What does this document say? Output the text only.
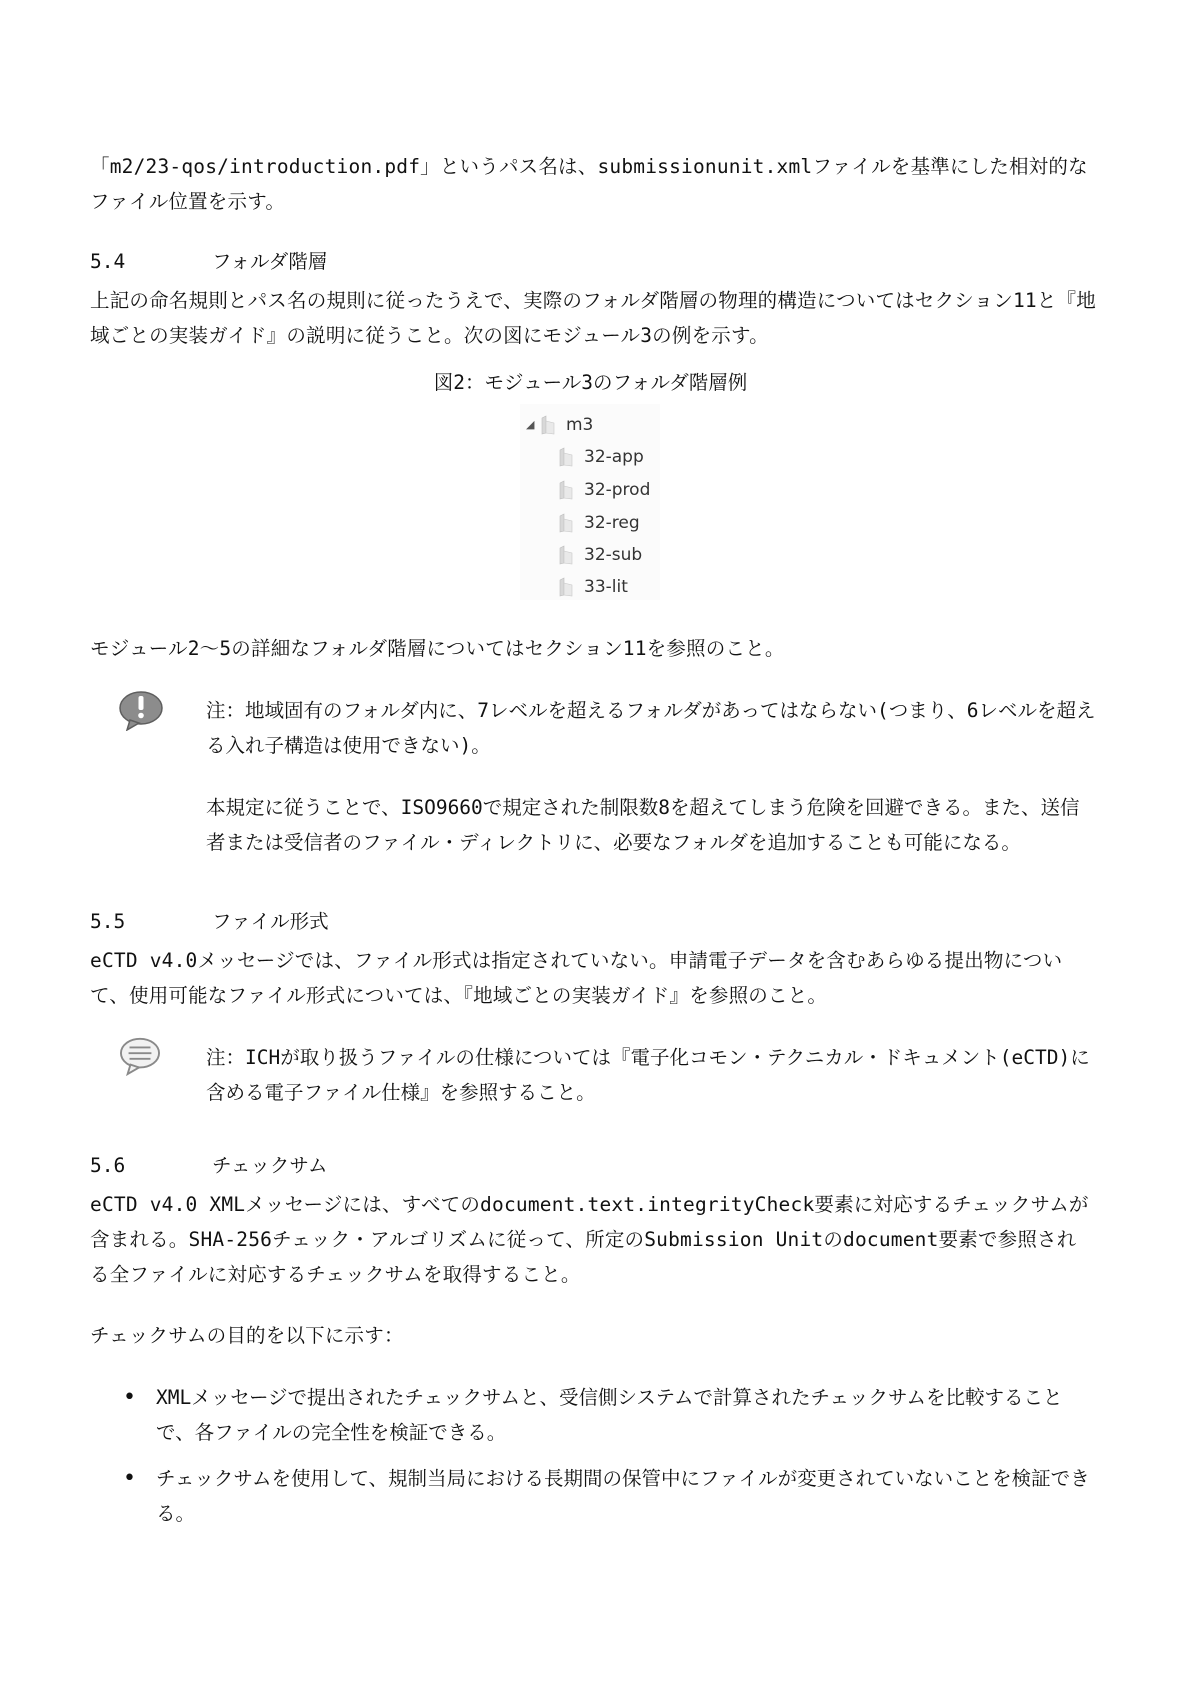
「m2/23-qos/introduction.pdf」というパス名は、submissionunit.xmlファイルを基準にした相対的なファイル位置を示す。

5.4	フォルダ階層

上記の命名規則とパス名の規則に従ったうえで、実際のフォルダ階層の物理的構造についてはセクション11と『地域ごとの実装ガイド』の説明に従うこと。次の図にモジュール3の例を示す。

図2：モジュール3のフォルダ階層例
◢	m3
32-app
32-prod
32-reg
32-sub
33-lit

モジュール2～5の詳細なフォルダ階層についてはセクション11を参照のこと。

注：地域固有のフォルダ内に、7レベルを超えるフォルダがあってはならない(つまり、6レベルを超える入れ子構造は使用できない)。

本規定に従うことで、ISO9660で規定された制限数8を超えてしまう危険を回避できる。また、送信者または受信者のファイル・ディレクトリに、必要なフォルダを追加することも可能になる。

5.5	ファイル形式

eCTD v4.0メッセージでは、ファイル形式は指定されていない。申請電子データを含むあらゆる提出物について、使用可能なファイル形式については、『地域ごとの実装ガイド』を参照のこと。

注：ICHが取り扱うファイルの仕様については『電子化コモン・テクニカル・ドキュメント(eCTD)に含める電子ファイル仕様』を参照すること。

5.6	チェックサム

eCTD v4.0 XMLメッセージには、すべてのdocument.text.integrityCheck要素に対応するチェックサムが含まれる。SHA-256チェック・アルゴリズムに従って、所定のSubmission Unitのdocument要素で参照される全ファイルに対応するチェックサムを取得すること。

チェックサムの目的を以下に示す：

• XMLメッセージで提出されたチェックサムと、受信側システムで計算されたチェックサムを比較することで、各ファイルの完全性を検証できる。

• チェックサムを使用して、規制当局における長期間の保管中にファイルが変更されていないことを検証できる。
